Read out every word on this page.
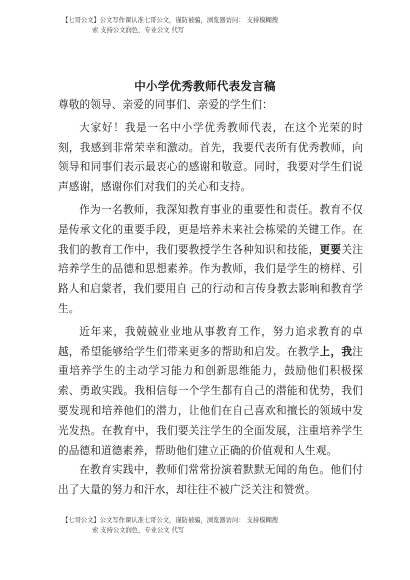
【七哥公文】公文写作课认准七哥公文，谨防被骗，浏览器访问： 支持模糊搜
索 支持公文润色，专业公文 代写
中小学优秀教师代表发言稿

尊敬的领导、亲爱的同事们、亲爱的学生们：

大家好！我是一名中小学优秀教师代表，在这个光荣的时刻，我感到非常荣幸和激动。首先，我要代表所有优秀教师，向领导和同事们表示最衷心的感谢和敬意。同时，我要对学生们说声感谢，感谢你们对我们的关心和支持。

作为一名教师，我深知教育事业的重要性和责任。教育不仅是传承文化的重要手段，更是培养未来社会栋梁的关键工作。在我们的教育工作中，我们要教授学生各种知识和技能，更要关注培养学生的品德和思想素养。作为教师，我们是学生的榜样、引路人和启蒙者，我们要用自 己的行动和言传身教去影响和教育学生。

近年来，我兢兢业业地从事教育工作，努力追求教育的卓越，希望能够给学生们带来更多的帮助和启发。在教学上，我注重培养学生的主动学习能力和创新思维能力，鼓励他们积极探索、勇敢实践。我相信每一个学生都有自己的潜能和优势，我们要发现和培养他们的潜力，让他们在自己喜欢和擅长的领域中发光发热。在教育中，我们要关注学生的全面发展，注重培养学生的品德和道德素养，帮助他们建立正确的价值观和人生观。

在教育实践中，教师们常常扮演着默默无闻的角色。他们付出了大量的努力和汗水，却往往不被广泛关注和赞赏。

【七哥公文】公文写作课认准七哥公文，谨防被骗，浏览器访问： 支持模糊搜
索 支持公文润色，专业公文 代写
